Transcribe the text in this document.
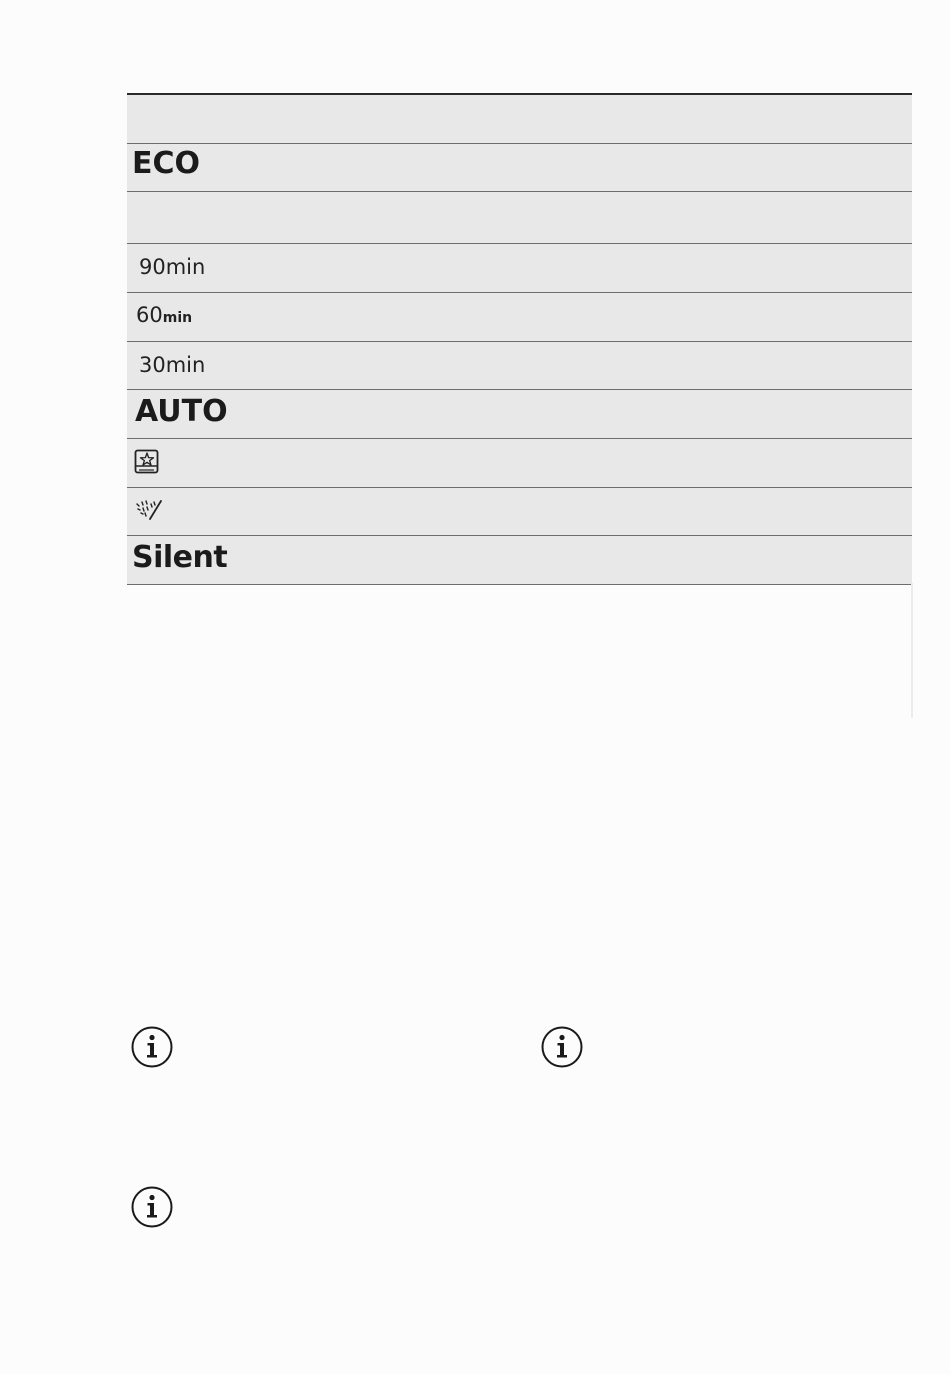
ECO
90min
60min
30min
AUTO
Silent
